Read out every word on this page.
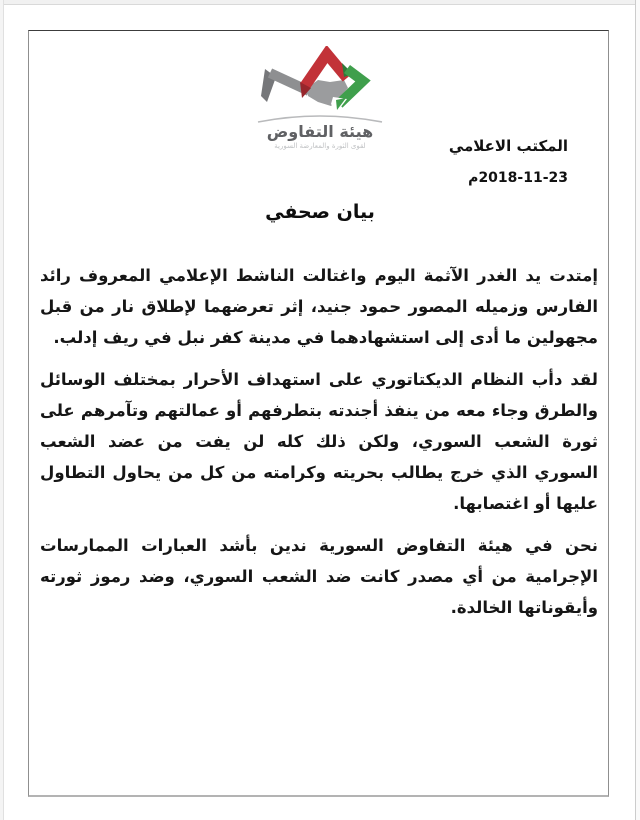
هيئة التفاوض
لقوى الثورة والمعارضة السورية	المكتب الاعلامي
2018-11-23م
بيان صحفي

إمتدت يد الغدر الآثمة اليوم واغتالت الناشط الإعلامي المعروف رائد الفارس وزميله المصور حمود جنيد، إثر تعرضهما لإطلاق نار من قبل مجهولين ما أدى إلى استشهادهما في مدينة كفر نبل في ريف إدلب.

لقد دأب النظام الديكتاتوري على استهداف الأحرار بمختلف الوسائل والطرق وجاء معه من ينفذ أجندته بتطرفهم أو عمالتهم وتآمرهم على ثورة الشعب السوري، ولكن ذلك كله لن يفت من عضد الشعب السوري الذي خرج يطالب بحريته وكرامته من كل من يحاول التطاول عليها أو اغتصابها.

نحن في هيئة التفاوض السورية ندين بأشد العبارات الممارسات الإجرامية من أي مصدر كانت ضد الشعب السوري، وضد رموز ثورته وأيقوناتها الخالدة.
